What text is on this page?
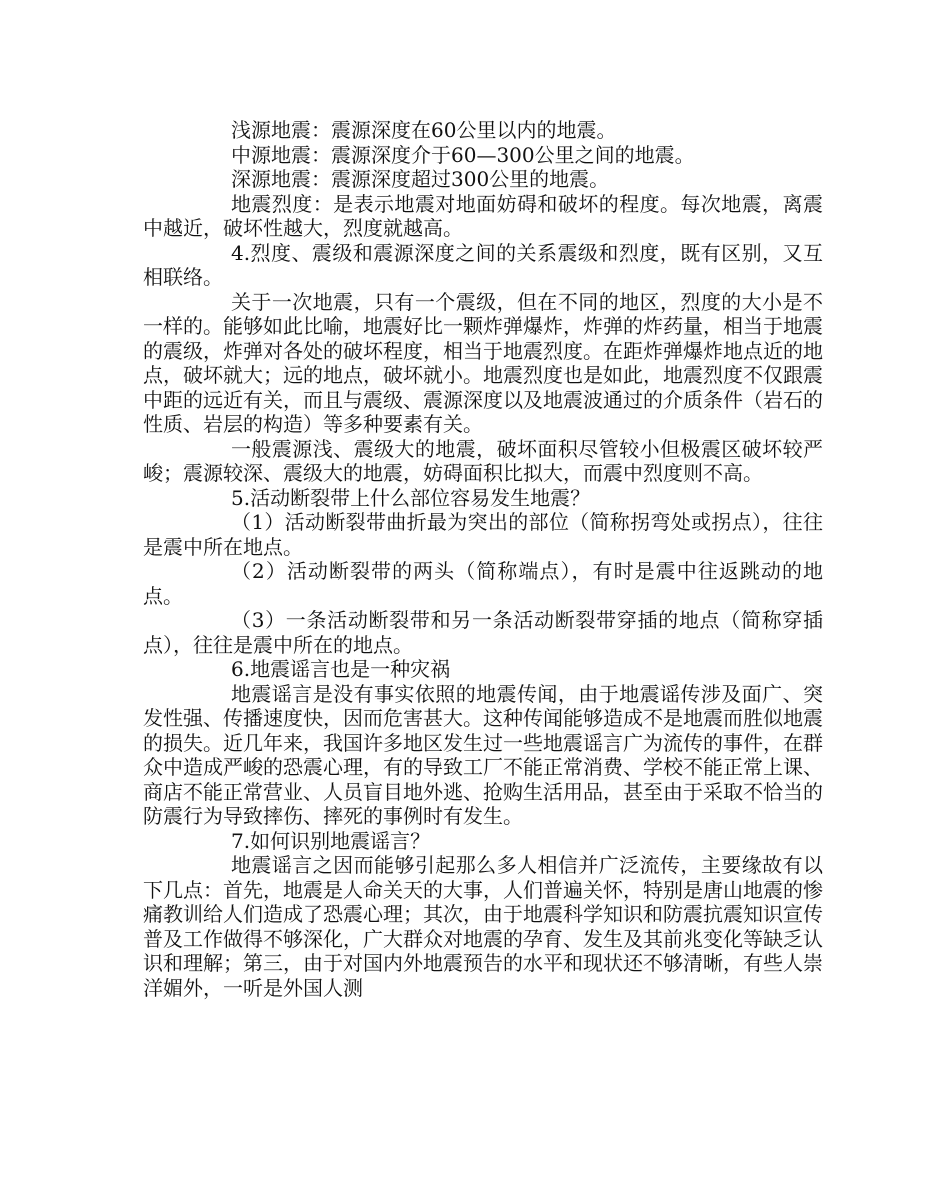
浅源地震：震源深度在60公里以内的地震。

中源地震：震源深度介于60—300公里之间的地震。

深源地震：震源深度超过300公里的地震。

地震烈度：是表示地震对地面妨碍和破坏的程度。每次地震，离震中越近，破坏性越大，烈度就越高。

4.烈度、震级和震源深度之间的关系震级和烈度，既有区别，又互相联络。

关于一次地震，只有一个震级，但在不同的地区，烈度的大小是不一样的。能够如此比喻，地震好比一颗炸弹爆炸，炸弹的炸药量，相当于地震的震级，炸弹对各处的破坏程度，相当于地震烈度。在距炸弹爆炸地点近的地点，破坏就大；远的地点，破坏就小。地震烈度也是如此，地震烈度不仅跟震中距的远近有关，而且与震级、震源深度以及地震波通过的介质条件（岩石的性质、岩层的构造）等多种要素有关。

一般震源浅、震级大的地震，破坏面积尽管较小但极震区破坏较严峻；震源较深、震级大的地震，妨碍面积比拟大，而震中烈度则不高。

5.活动断裂带上什么部位容易发生地震？

（1）活动断裂带曲折最为突出的部位（简称拐弯处或拐点），往往是震中所在地点。

（2）活动断裂带的两头（简称端点），有时是震中往返跳动的地点。

（3）一条活动断裂带和另一条活动断裂带穿插的地点（简称穿插点），往往是震中所在的地点。

6.地震谣言也是一种灾祸

地震谣言是没有事实依照的地震传闻，由于地震谣传涉及面广、突发性强、传播速度快，因而危害甚大。这种传闻能够造成不是地震而胜似地震的损失。近几年来，我国许多地区发生过一些地震谣言广为流传的事件，在群众中造成严峻的恐震心理，有的导致工厂不能正常消费、学校不能正常上课、商店不能正常营业、人员盲目地外逃、抢购生活用品，甚至由于采取不恰当的防震行为导致摔伤、摔死的事例时有发生。

7.如何识别地震谣言？

地震谣言之因而能够引起那么多人相信并广泛流传，主要缘故有以下几点：首先，地震是人命关天的大事，人们普遍关怀，特别是唐山地震的惨痛教训给人们造成了恐震心理；其次，由于地震科学知识和防震抗震知识宣传普及工作做得不够深化，广大群众对地震的孕育、发生及其前兆变化等缺乏认识和理解；第三，由于对国内外地震预告的水平和现状还不够清晰，有些人崇洋媚外，一听是外国人测
